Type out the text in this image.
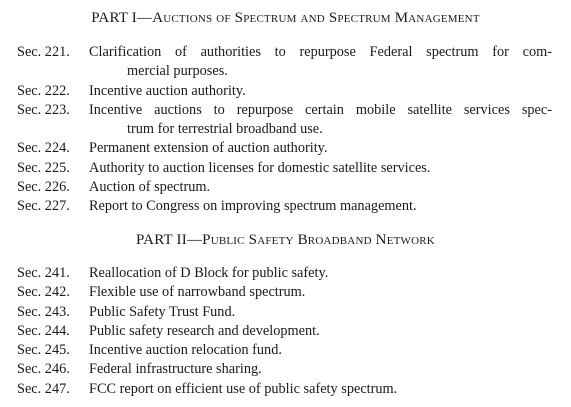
PART I—Auctions of Spectrum and Spectrum Management
Sec. 221.	Clarification of authorities to repurpose Federal spectrum for com-
mercial purposes.
Sec. 222.	Incentive auction authority.
Sec. 223.	Incentive auctions to repurpose certain mobile satellite services spec-
trum for terrestrial broadband use.
Sec. 224.	Permanent extension of auction authority.
Sec. 225.	Authority to auction licenses for domestic satellite services.
Sec. 226.	Auction of spectrum.
Sec. 227.	Report to Congress on improving spectrum management.
PART II—Public Safety Broadband Network
Sec. 241.	Reallocation of D Block for public safety.
Sec. 242.	Flexible use of narrowband spectrum.
Sec. 243.	Public Safety Trust Fund.
Sec. 244.	Public safety research and development.
Sec. 245.	Incentive auction relocation fund.
Sec. 246.	Federal infrastructure sharing.
Sec. 247.	FCC report on efficient use of public safety spectrum.
